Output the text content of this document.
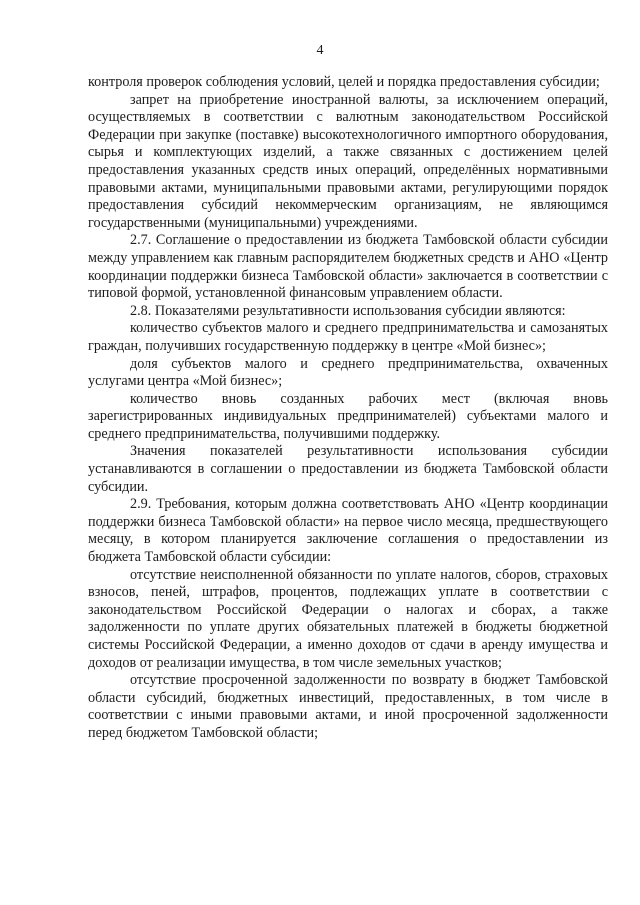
4

контроля проверок соблюдения условий, целей и порядка предоставления субсидии;

запрет на приобретение иностранной валюты, за исключением операций, осуществляемых в соответствии с валютным законодательством Российской Федерации при закупке (поставке) высокотехнологичного импортного оборудования, сырья и комплектующих изделий, а также связанных с достижением целей предоставления указанных средств иных операций, определённых нормативными правовыми актами, муниципальными правовыми актами, регулирующими порядок предоставления субсидий некоммерческим организациям, не являющимся государственными (муниципальными) учреждениями.

2.7. Соглашение о предоставлении из бюджета Тамбовской области субсидии между управлением как главным распорядителем бюджетных средств и АНО «Центр координации поддержки бизнеса Тамбовской области» заключается в соответствии с типовой формой, установленной финансовым управлением области.

2.8. Показателями результативности использования субсидии являются:

количество субъектов малого и среднего предпринимательства и самозанятых граждан, получивших государственную поддержку в центре «Мой бизнес»;

доля субъектов малого и среднего предпринимательства, охваченных услугами центра «Мой бизнес»;

количество вновь созданных рабочих мест (включая вновь зарегистрированных индивидуальных предпринимателей) субъектами малого и среднего предпринимательства, получившими поддержку.

Значения показателей результативности использования субсидии устанавливаются в соглашении о предоставлении из бюджета Тамбовской области субсидии.

2.9. Требования, которым должна соответствовать АНО «Центр координации поддержки бизнеса Тамбовской области» на первое число месяца, предшествующего месяцу, в котором планируется заключение соглашения о предоставлении из бюджета Тамбовской области субсидии:

отсутствие неисполненной обязанности по уплате налогов, сборов, страховых взносов, пеней, штрафов, процентов, подлежащих уплате в соответствии с законодательством Российской Федерации о налогах и сборах, а также задолженности по уплате других обязательных платежей в бюджеты бюджетной системы Российской Федерации, а именно доходов от сдачи в аренду имущества и доходов от реализации имущества, в том числе земельных участков;

отсутствие просроченной задолженности по возврату в бюджет Тамбовской области субсидий, бюджетных инвестиций, предоставленных, в том числе в соответствии с иными правовыми актами, и иной просроченной задолженности перед бюджетом Тамбовской области;
